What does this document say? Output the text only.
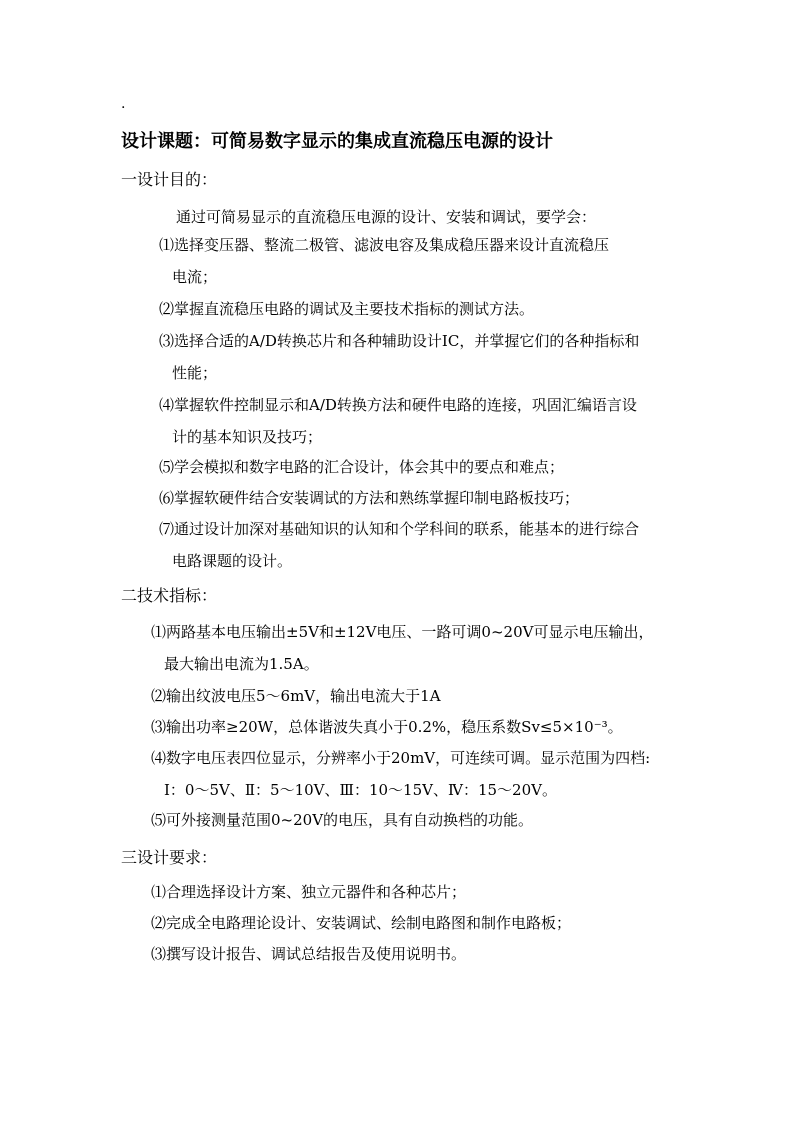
.
设计课题：可简易数字显示的集成直流稳压电源的设计
一设计目的：
通过可简易显示的直流稳压电源的设计、安装和调试，要学会：
⑴选择变压器、整流二极管、滤波电容及集成稳压器来设计直流稳压
电流；
⑵掌握直流稳压电路的调试及主要技术指标的测试方法。
⑶选择合适的A/D转换芯片和各种辅助设计IC，并掌握它们的各种指标和
性能；
⑷掌握软件控制显示和A/D转换方法和硬件电路的连接，巩固汇编语言设
计的基本知识及技巧；
⑸学会模拟和数字电路的汇合设计，体会其中的要点和难点；
⑹掌握软硬件结合安装调试的方法和熟练掌握印制电路板技巧；
⑺通过设计加深对基础知识的认知和个学科间的联系，能基本的进行综合
电路课题的设计。
二技术指标：
⑴两路基本电压输出±5V和±12V电压、一路可调0~20V可显示电压输出，
最大输出电流为1.5A。
⑵输出纹波电压5～6mV，输出电流大于1A
⑶输出功率≥20W，总体谐波失真小于0.2%，稳压系数Sv≤5×10⁻³。
⑷数字电压表四位显示，分辨率小于20mV，可连续可调。显示范围为四档:
Ⅰ：0～5V、Ⅱ：5～10V、Ⅲ：10～15V、Ⅳ：15～20V。
⑸可外接测量范围0~20V的电压，具有自动换档的功能。
三设计要求：
⑴合理选择设计方案、独立元器件和各种芯片；
⑵完成全电路理论设计、安装调试、绘制电路图和制作电路板；
⑶撰写设计报告、调试总结报告及使用说明书。
